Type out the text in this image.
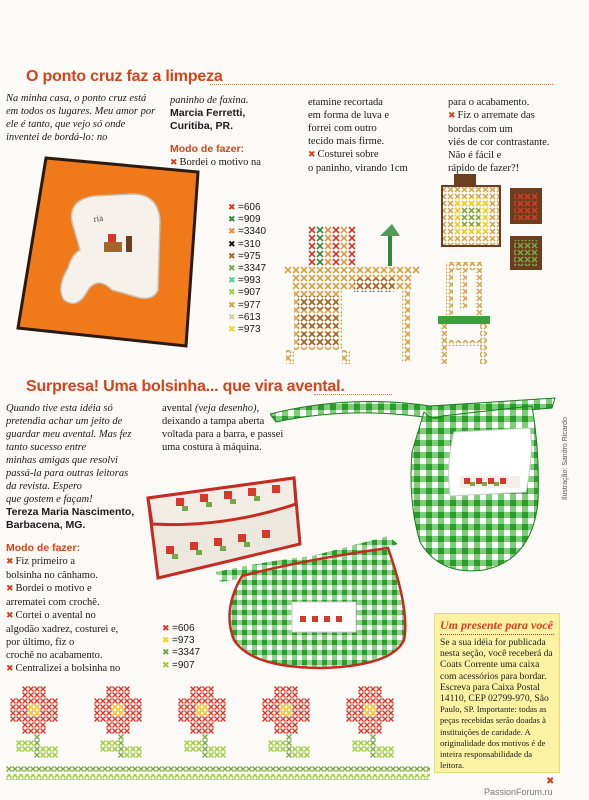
O ponto cruz faz a limpeza
Na minha casa, o ponto cruz está em todos os lugares. Meu amor por ele é tanto, que vejo só onde inventei de bordá-lo: no
paninho de faxina.
Marcia Ferretti,
Curitiba, PR.
Modo de fazer:
✖ Bordei o motivo na
etamine recortada
em forma de luva e
forrei com outro
tecido mais firme.
✖ Costurei sobre
o paninho, virando 1cm
para o acabamento.
✖ Fiz o arremate das
bordas com um
viés de cor contrastante.
Não é fácil e
rápido de fazer?!
ria
✖ =606
✖ =909
✖ =3340
✖ =310
✖ =975
✖ =3347
✖ =993
✖ =907
✖ =977
✖ =613
✖ =973
Surpresa! Uma bolsinha... que vira avental.
Quando tive esta idéia só
pretendia achar um jeito de
guardar meu avental. Mas fez
tanto sucesso entre
minhas amigas que resolvi
passá-la para outras leitoras
da revista. Espero
que gostem e façam!
Tereza Maria Nascimento,
Barbacena, MG.
Modo de fazer:
✖ Fiz primeiro a
bolsinha no cânhamo.
✖ Bordei o motivo e
arrematei com crochê.
✖ Cortei o avental no
algodão xadrez, costurei e,
por último, fiz o
crochê no acabamento.
✖ Centralizei a bolsinha no
avental (veja desenho),
deixando a tampa aberta
voltada para a barra, e passei
uma costura à máquina.	Ilustração: Sandro Ricardo
✖ =606
✖ =973
✖ =3347
✖ =907
Um presente para você
Se a sua idéia for publicada
nesta seção, você receberá da
Coats Corrente uma caixa
com acessórios para bordar.
Escreva para Caixa Postal
14110, CEP 02799-970, São
Paulo, SP. Importante: todas as
peças recebidas serão doadas à
instituições de caridade. A
originalidade dos motivos é de
inteira responsabilidade da
leitora.
✖
PassionForum.ru
